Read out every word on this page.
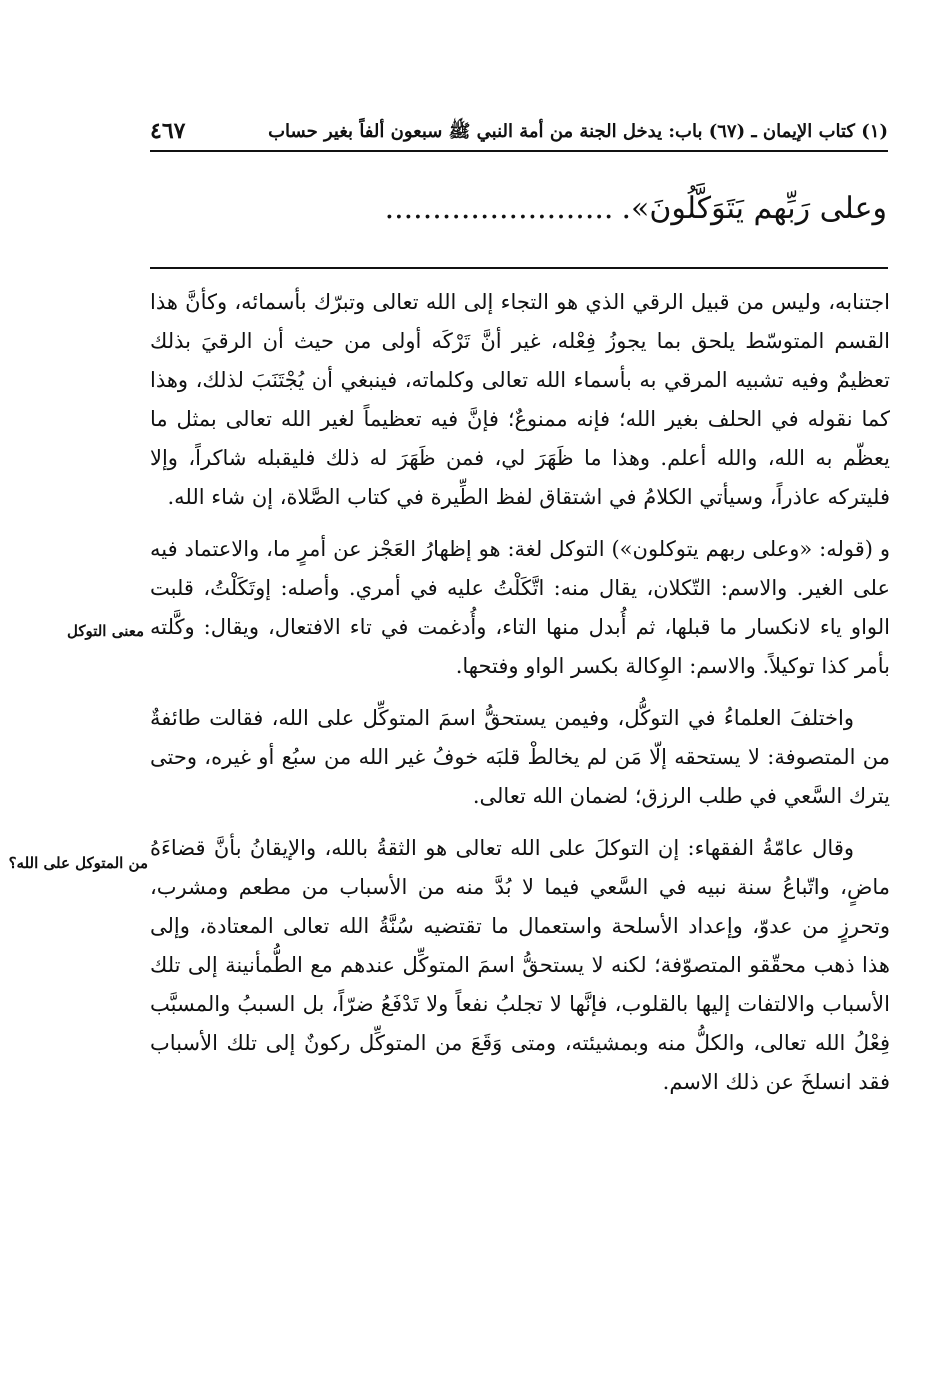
(١) كتاب الإيمان ـ (٦٧) باب: يدخل الجنة من أمة النبي ﷺ سبعون ألفاً بغير حساب
٤٦٧
وعلى رَبِّهم يَتَوَكَّلُونَ».........................
معنى التوكل
من المتوكل على الله؟

اجتنابه، وليس من قبيل الرقي الذي هو التجاء إلى الله تعالى وتبرّك بأسمائه، وكأنَّ هذا القسم المتوسّط يلحق بما يجوزُ فِعْله، غير أنَّ تَرْكَه أولى من حيث أن الرقيَ بذلك تعظيمٌ وفيه تشبيه المرقي به بأسماء الله تعالى وكلماته، فينبغي أن يُجْتَنَبَ لذلك، وهذا كما نقوله في الحلف بغير الله؛ فإنه ممنوعٌ؛ فإنَّ فيه تعظيماً لغير الله تعالى بمثل ما يعظّم به الله، والله أعلم. وهذا ما ظَهَرَ لي، فمن ظَهَرَ له ذلك فليقبله شاكراً، وإلا فليتركه عاذراً، وسيأتي الكلامُ في اشتقاق لفظ الطِّيرة في كتاب الصَّلاة، إن شاء الله.

و (قوله: «وعلى ربهم يتوكلون») التوكل لغة: هو إظهارُ العَجْز عن أمرٍ ما، والاعتماد فيه على الغير. والاسم: التّكلان، يقال منه: اتَّكَلْتُ عليه في أمري. وأصله: إوتَكَلْتُ، قلبت الواو ياء لانكسار ما قبلها، ثم أُبدل منها التاء، وأُدغمت في تاء الافتعال، ويقال: وكَّلته بأمر كذا توكيلاً. والاسم: الوِكالة بكسر الواو وفتحها.

واختلفَ العلماءُ في التوكُّل، وفيمن يستحقُّ اسمَ المتوكِّل على الله، فقالت طائفةٌ من المتصوفة: لا يستحقه إلّا مَن لم يخالطْ قلبَه خوفُ غير الله من سبُع أو غيره، وحتى يترك السَّعي في طلب الرزق؛ لضمان الله تعالى.

وقال عامّةُ الفقهاء: إن التوكلَ على الله تعالى هو الثقةُ بالله، والإيقانُ بأنَّ قضاءَهُ ماضٍ، واتّباعُ سنة نبيه في السَّعي فيما لا بُدَّ منه من الأسباب من مطعم ومشرب، وتحرزٍ من عدوّ، وإعداد الأسلحة واستعمال ما تقتضيه سُنَّةُ الله تعالى المعتادة، وإلى هذا ذهب محقّقو المتصوّفة؛ لكنه لا يستحقُّ اسمَ المتوكِّل عندهم مع الطُّمأنينة إلى تلك الأسباب والالتفات إليها بالقلوب، فإنَّها لا تجلبُ نفعاً ولا تَدْفَعُ ضرّاً، بل السببُ والمسبَّب فِعْلُ الله تعالى، والكلُّ منه وبمشيئته، ومتى وَقَعَ من المتوكِّل ركونٌ إلى تلك الأسباب فقد انسلخَ عن ذلك الاسم.
